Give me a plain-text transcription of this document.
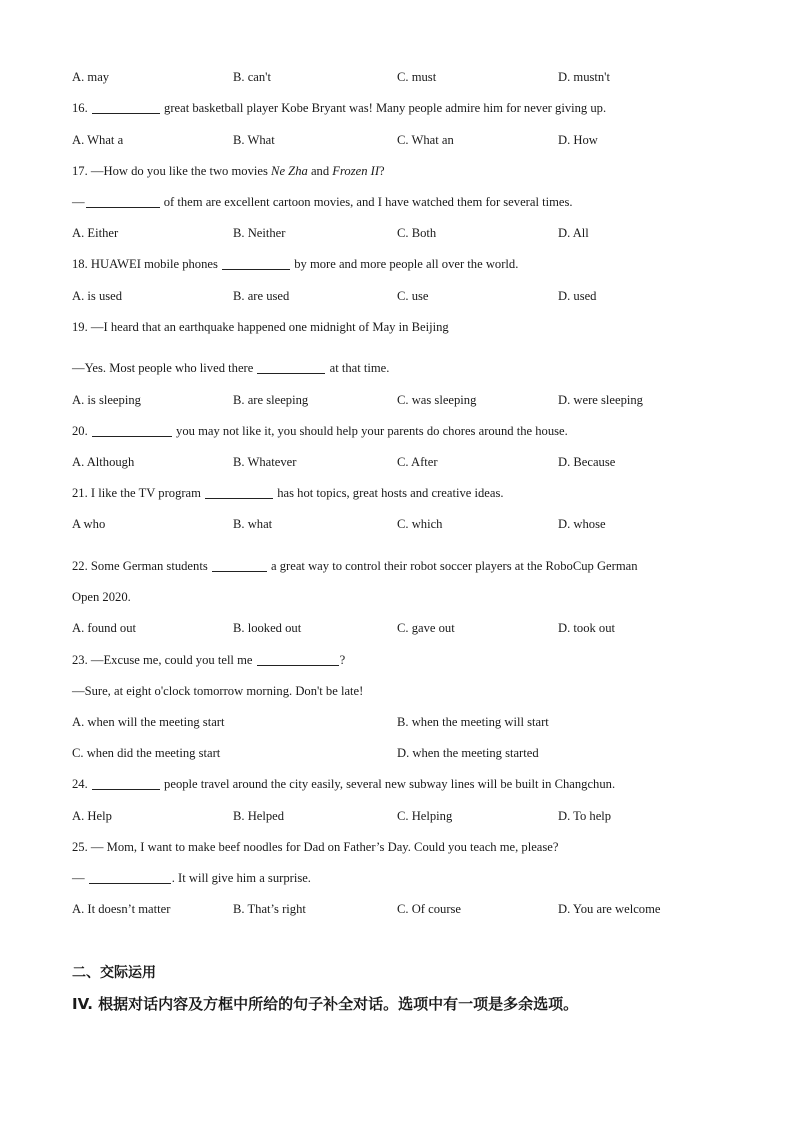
A. may	B. can't	C. must	D. mustn't
16.	great basketball player Kobe Bryant was! Many people admire him for never giving up.
A. What a	B. What	C. What an	D. How
17. —How do you like the two movies Ne Zha and Frozen II?
—	of them are excellent cartoon movies, and I have watched them for several times.
A. Either	B. Neither	C. Both	D. All
18. HUAWEI mobile phones	by more and more people all over the world.
A. is used	B. are used	C. use	D. used
19. —I heard that an earthquake happened one midnight of May in Beijing
—Yes. Most people who lived there	at that time.
A. is sleeping	B. are sleeping	C. was sleeping	D. were sleeping
20.	you may not like it, you should help your parents do chores around the house.
A. Although	B. Whatever	C. After	D. Because
21. I like the TV program	has hot topics, great hosts and creative ideas.
A who	B. what	C. which	D. whose
22. Some German students	a great way to control their robot soccer players at the RoboCup German
Open 2020.
A. found out	B. looked out	C. gave out	D. took out
23. —Excuse me, could you tell me	?
—Sure, at eight o'clock tomorrow morning. Don't be late!
A. when will the meeting start	B. when the meeting will start
C. when did the meeting start	D. when the meeting started
24.	people travel around the city easily, several new subway lines will be built in Changchun.
A. Help	B. Helped	C. Helping	D. To help
25. — Mom, I want to make beef noodles for Dad on Father’s Day. Could you teach me, please?
—	. It will give him a surprise.
A. It doesn’t matter	B. That’s right	C. Of course	D. You are welcome
二、交际运用
IV. 根据对话内容及方框中所给的句子补全对话。选项中有一项是多余选项。
